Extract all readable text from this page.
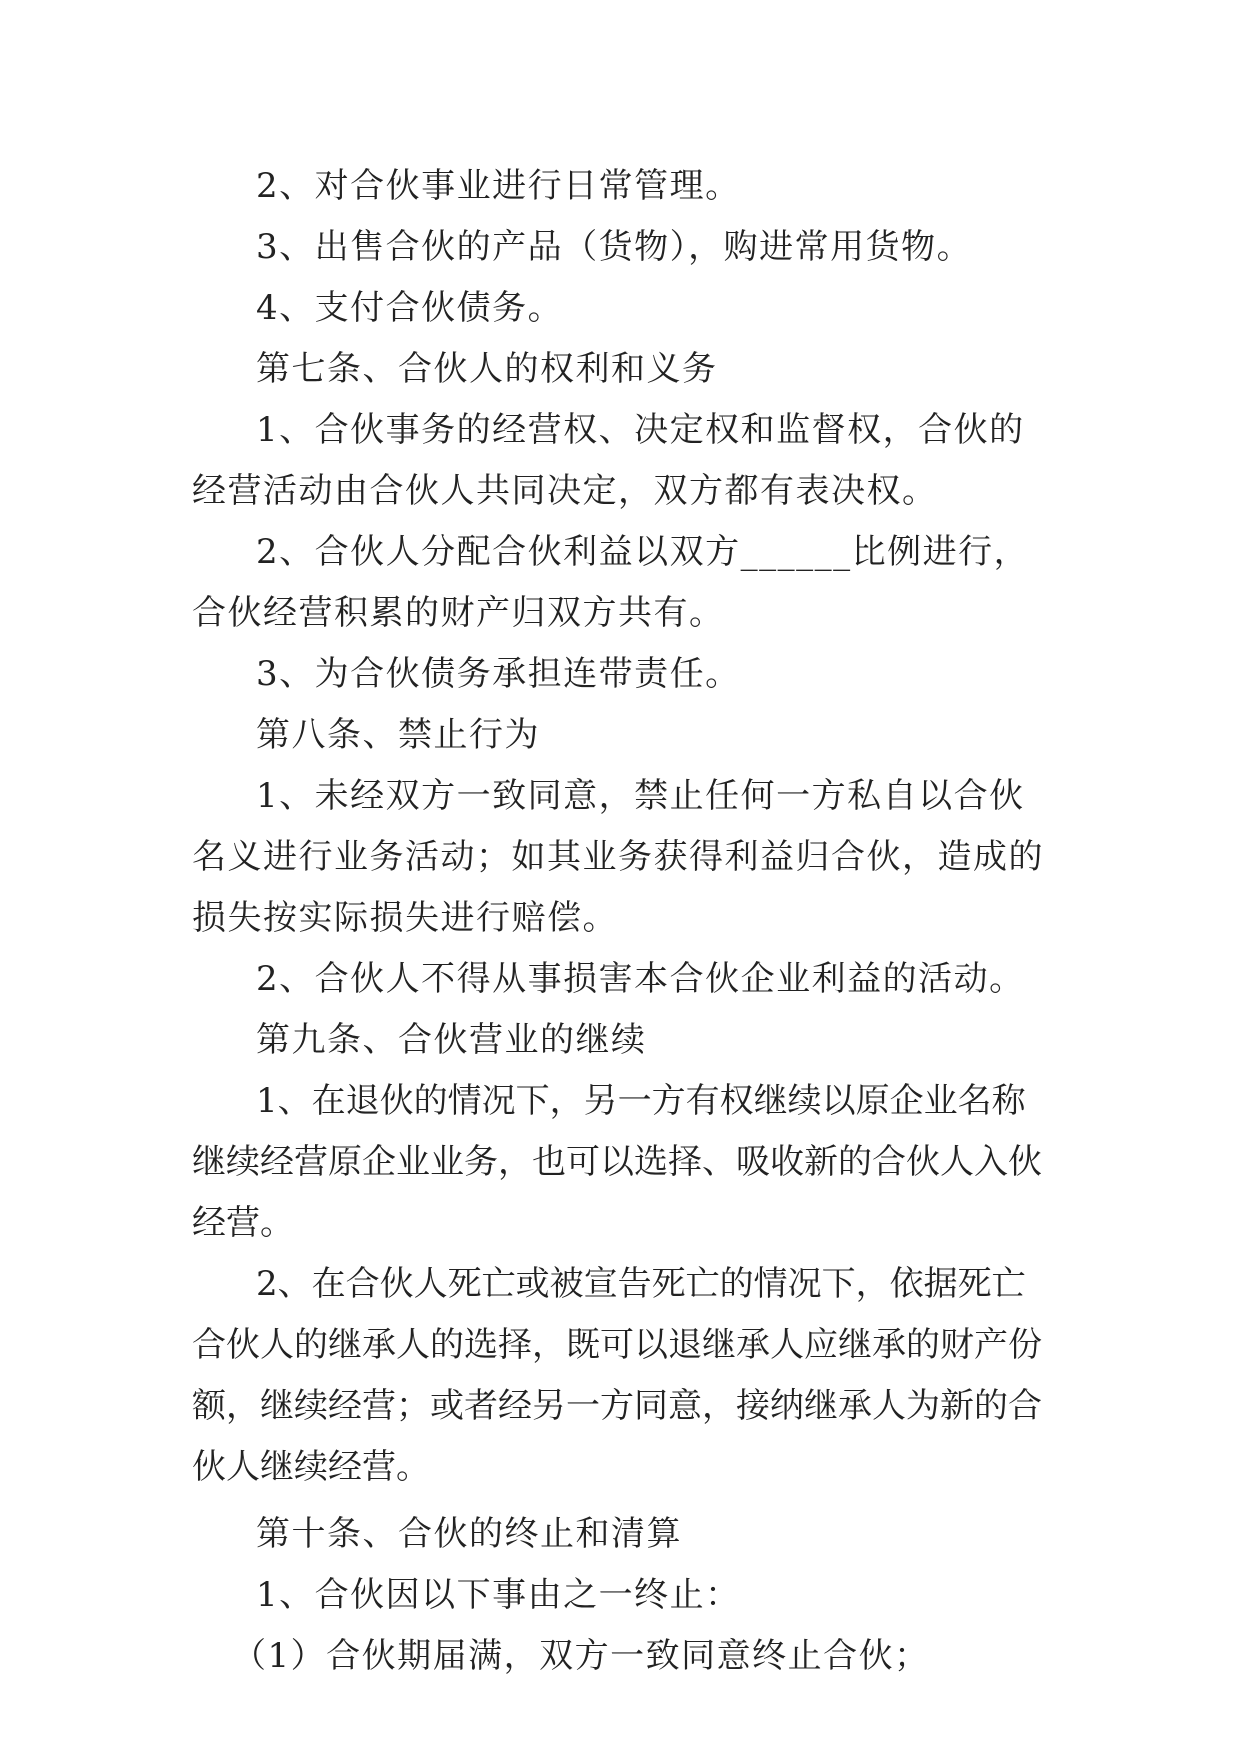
2、对合伙事业进行日常管理。

3、出售合伙的产品（货物），购进常用货物。

4、支付合伙债务。

第七条、合伙人的权利和义务

1、合伙事务的经营权、决定权和监督权，合伙的经营活动由合伙人共同决定，双方都有表决权。

2、合伙人分配合伙利益以双方______比例进行，合伙经营积累的财产归双方共有。

3、为合伙债务承担连带责任。

第八条、禁止行为

1、未经双方一致同意，禁止任何一方私自以合伙名义进行业务活动；如其业务获得利益归合伙，造成的损失按实际损失进行赔偿。

2、合伙人不得从事损害本合伙企业利益的活动。

第九条、合伙营业的继续

1、在退伙的情况下，另一方有权继续以原企业名称继续经营原企业业务，也可以选择、吸收新的合伙人入伙经营。

2、在合伙人死亡或被宣告死亡的情况下，依据死亡合伙人的继承人的选择，既可以退继承人应继承的财产份额，继续经营；或者经另一方同意，接纳继承人为新的合伙人继续经营。

第十条、合伙的终止和清算

1、合伙因以下事由之一终止：

（1）合伙期届满，双方一致同意终止合伙；
